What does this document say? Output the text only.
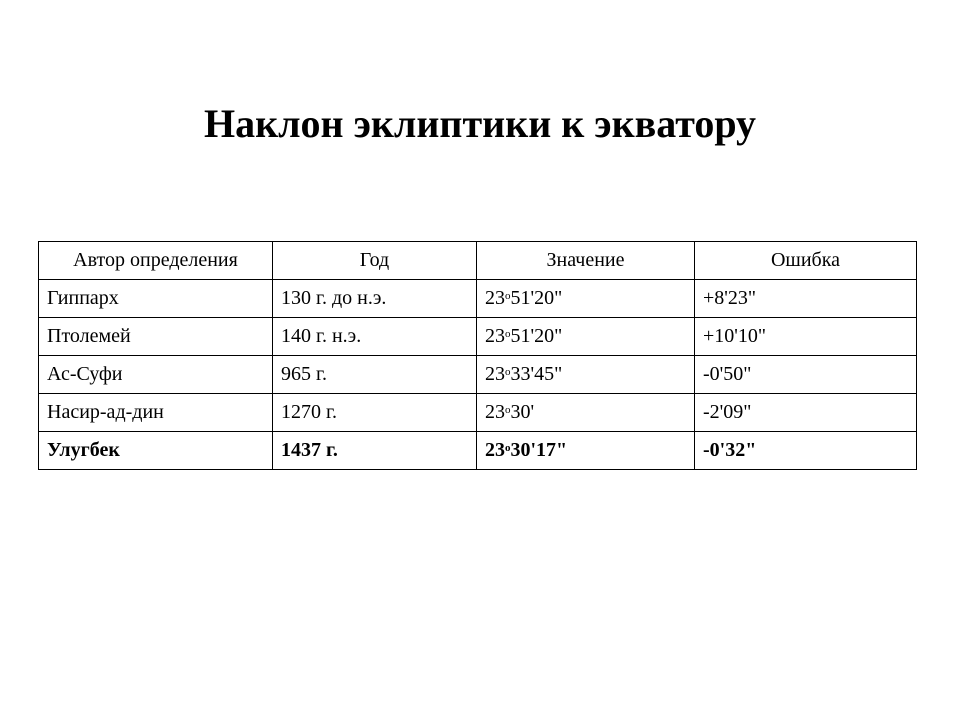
Наклон эклиптики к экватору
Автор определения	Год	Значение	Ошибка
Гиппарх	130 г. до н.э.	$23^о51'20$"	+8'23"
Птолемей	140 г. н.э.	$23^о51'20$"	+10'10"
Ас-Суфи	965 г.	$23^о33'45$"	-0'50"
Насир-ад-дин	1270 г.	$23^о30'$	-2'09"
Улугбек	1437 г.	$23^о30'17$"	-0'32"
